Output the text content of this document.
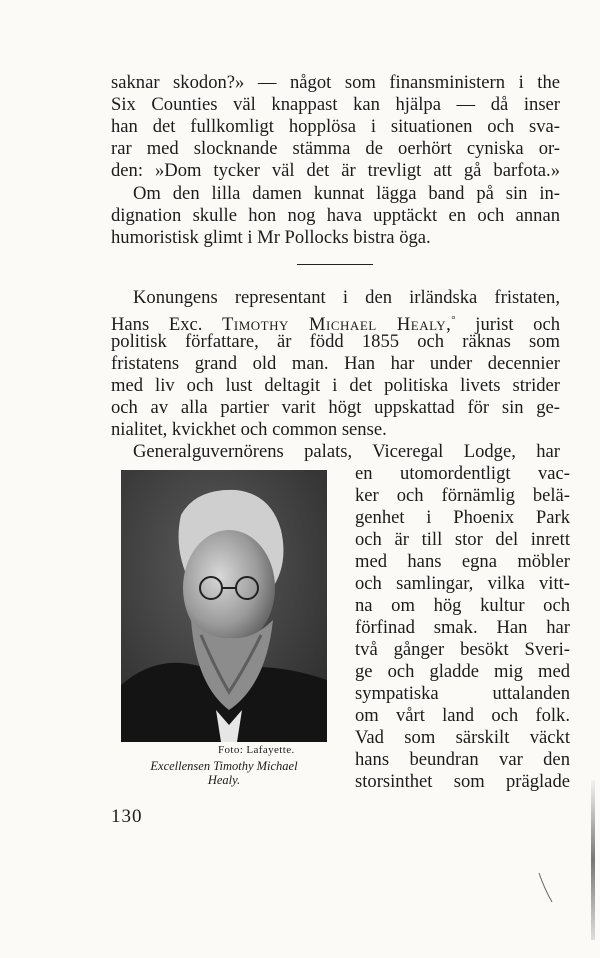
saknar skodon?» — något som finansministern i the
Six Counties väl knappast kan hjälpa — då inser
han det fullkomligt hopplösa i situationen och sva-
rar med slocknande stämma de oerhört cyniska or-
den: »Dom tycker väl det är trevligt att gå barfota.»
Om den lilla damen kunnat lägga band på sin in-
dignation skulle hon nog hava upptäckt en och annan
humoristisk glimt i Mr Pollocks bistra öga.
Konungens representant i den irländska fristaten,
Hans Exc. Timothy Michael Healy,° jurist och
politisk författare, är född 1855 och räknas som
fristatens grand old man. Han har under decennier
med liv och lust deltagit i det politiska livets strider
och av alla partier varit högt uppskattad för sin ge-
nialitet, kvickhet och common sense.
Generalguvernörens palats, Viceregal Lodge, har
en utomordentligt vac-
ker och förnämlig belä-
genhet i Phoenix Park
och är till stor del inrett
med hans egna möbler
och samlingar, vilka vitt-
na om hög kultur och
förfinad smak. Han har
två gånger besökt Sveri-
ge och gladde mig med
sympatiska uttalanden
om vårt land och folk.
Vad som särskilt väckt
hans beundran var den
storsinthet som präglade
Foto: Lafayette.
Excellensen Timothy Michael
Healy.
130
